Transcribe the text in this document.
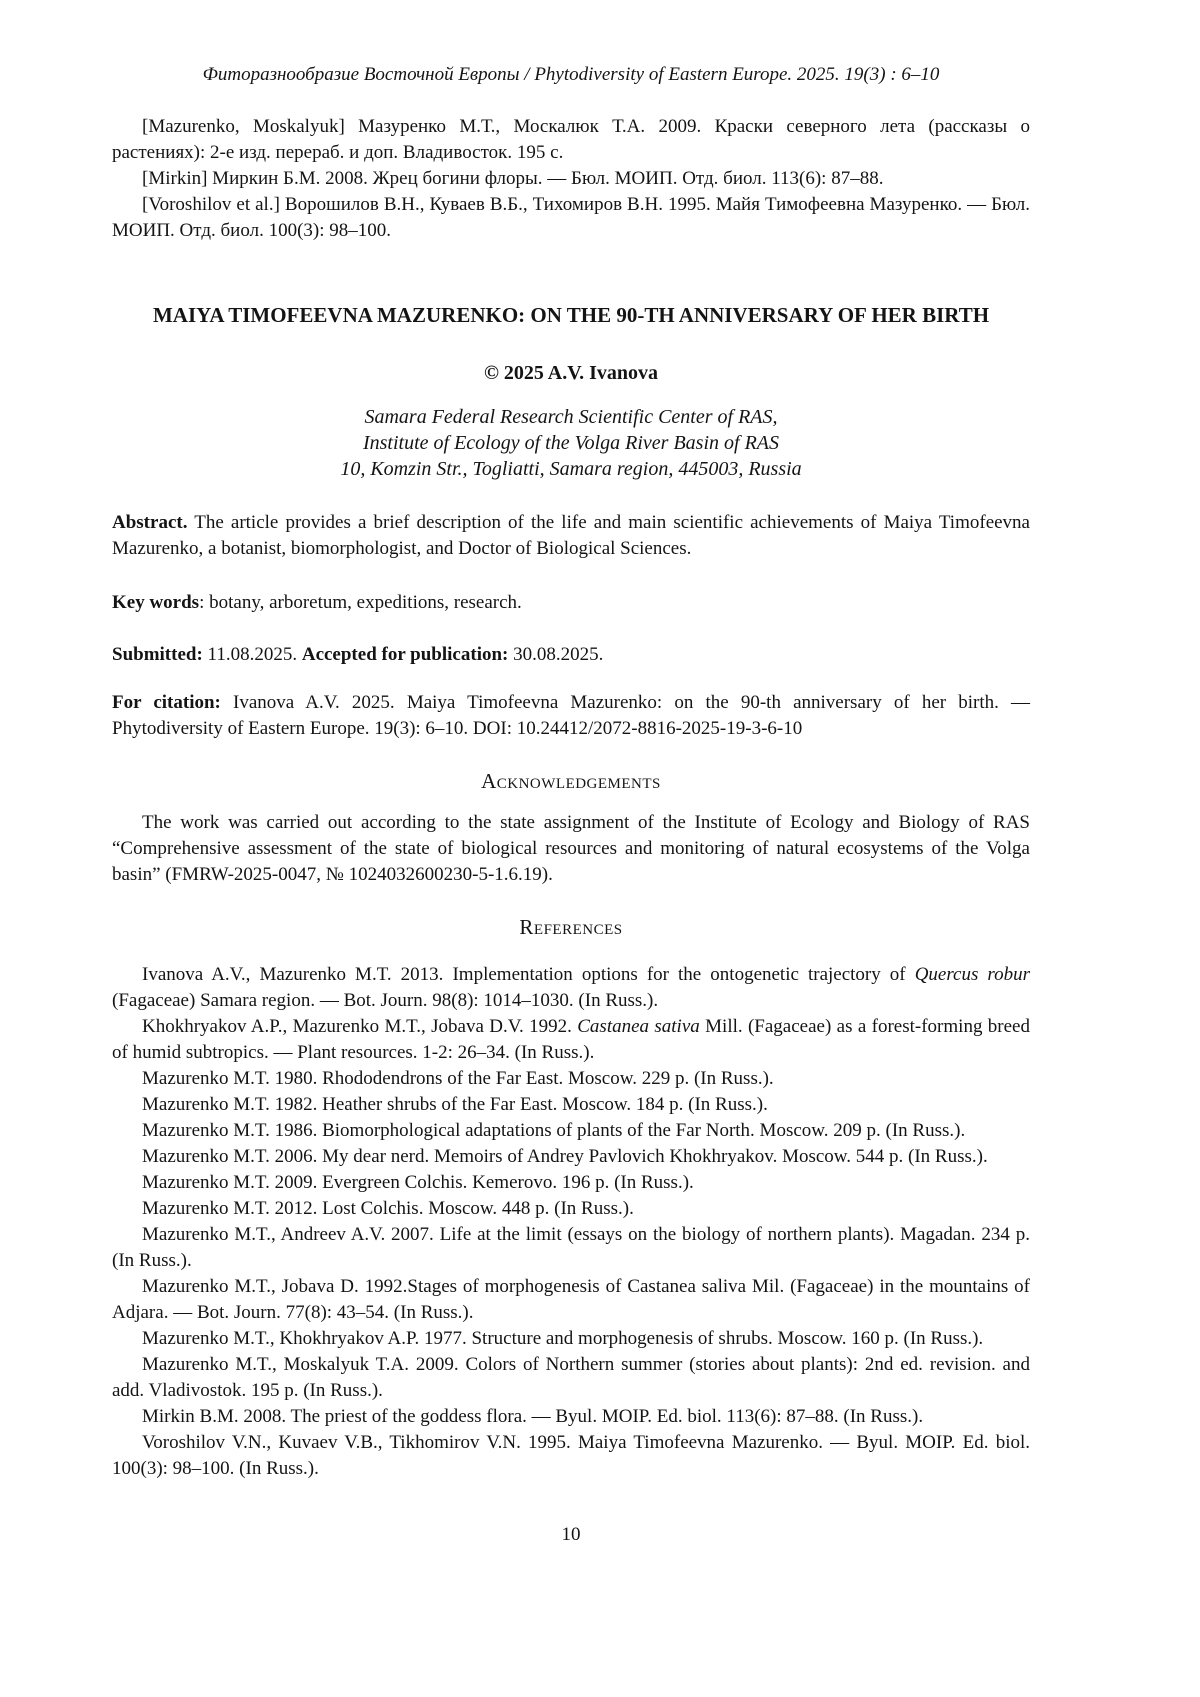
Фиторазнообразие Восточной Европы / Phytodiversity of Eastern Europe. 2025. 19(3) : 6–10

[Mazurenko, Moskalyuk] Мазуренко М.Т., Москалюк Т.А. 2009. Краски северного лета (рассказы о растениях): 2-е изд. перераб. и доп. Владивосток. 195 с.

[Mirkin] Миркин Б.М. 2008. Жрец богини флоры. — Бюл. МОИП. Отд. биол. 113(6): 87–88.

[Voroshilov et al.] Ворошилов В.Н., Куваев В.Б., Тихомиров В.Н. 1995. Майя Тимофеевна Мазуренко. — Бюл. МОИП. Отд. биол. 100(3): 98–100.

MAIYA TIMOFEEVNA MAZURENKO: ON THE 90-TH ANNIVERSARY OF HER BIRTH
© 2025 A.V. Ivanova
Samara Federal Research Scientific Center of RAS,
Institute of Ecology of the Volga River Basin of RAS
10, Komzin Str., Togliatti, Samara region, 445003, Russia

Abstract. The article provides a brief description of the life and main scientific achievements of Maiya Timofeevna Mazurenko, a botanist, biomorphologist, and Doctor of Biological Sciences.

Key words: botany, arboretum, expeditions, research.

Submitted: 11.08.2025. Accepted for publication: 30.08.2025.

For citation: Ivanova A.V. 2025. Maiya Timofeevna Mazurenko: on the 90-th anniversary of her birth. — Phytodiversity of Eastern Europe. 19(3): 6–10. DOI: 10.24412/2072-8816-2025-19-3-6-10

Acknowledgements

The work was carried out according to the state assignment of the Institute of Ecology and Biology of RAS “Comprehensive assessment of the state of biological resources and monitoring of natural ecosystems of the Volga basin” (FMRW-2025-0047, № 1024032600230-5-1.6.19).

References

Ivanova A.V., Mazurenko M.T. 2013. Implementation options for the ontogenetic trajectory of Quercus robur (Fagaceae) Samara region. — Bot. Journ. 98(8): 1014–1030. (In Russ.).

Khokhryakov A.P., Mazurenko M.T., Jobava D.V. 1992. Castanea sativa Mill. (Fagaceae) as a forest-forming breed of humid subtropics. — Plant resources. 1-2: 26–34. (In Russ.).

Mazurenko M.T. 1980. Rhododendrons of the Far East. Moscow. 229 p. (In Russ.).

Mazurenko M.T. 1982. Heather shrubs of the Far East. Moscow. 184 p. (In Russ.).

Mazurenko M.T. 1986. Biomorphological adaptations of plants of the Far North. Moscow. 209 p. (In Russ.).

Mazurenko M.T. 2006. My dear nerd. Memoirs of Andrey Pavlovich Khokhryakov. Moscow. 544 p. (In Russ.).

Mazurenko M.T. 2009. Evergreen Colchis. Kemerovo. 196 p. (In Russ.).

Mazurenko M.T. 2012. Lost Colchis. Moscow. 448 p. (In Russ.).

Mazurenko M.T., Andreev A.V. 2007. Life at the limit (essays on the biology of northern plants). Magadan. 234 p. (In Russ.).

Mazurenko M.T., Jobava D. 1992.Stages of morphogenesis of Castanea saliva Mil. (Fagaceae) in the mountains of Adjara. — Bot. Journ. 77(8): 43–54. (In Russ.).

Mazurenko M.T., Khokhryakov A.P. 1977. Structure and morphogenesis of shrubs. Moscow. 160 p. (In Russ.).

Mazurenko M.T., Moskalyuk T.A. 2009. Colors of Northern summer (stories about plants): 2nd ed. revision. and add. Vladivostok. 195 p. (In Russ.).

Mirkin B.M. 2008. The priest of the goddess flora. — Byul. MOIP. Ed. biol. 113(6): 87–88. (In Russ.).

Voroshilov V.N., Kuvaev V.B., Tikhomirov V.N. 1995. Maiya Timofeevna Mazurenko. — Byul. MOIP. Ed. biol. 100(3): 98–100. (In Russ.).

10
